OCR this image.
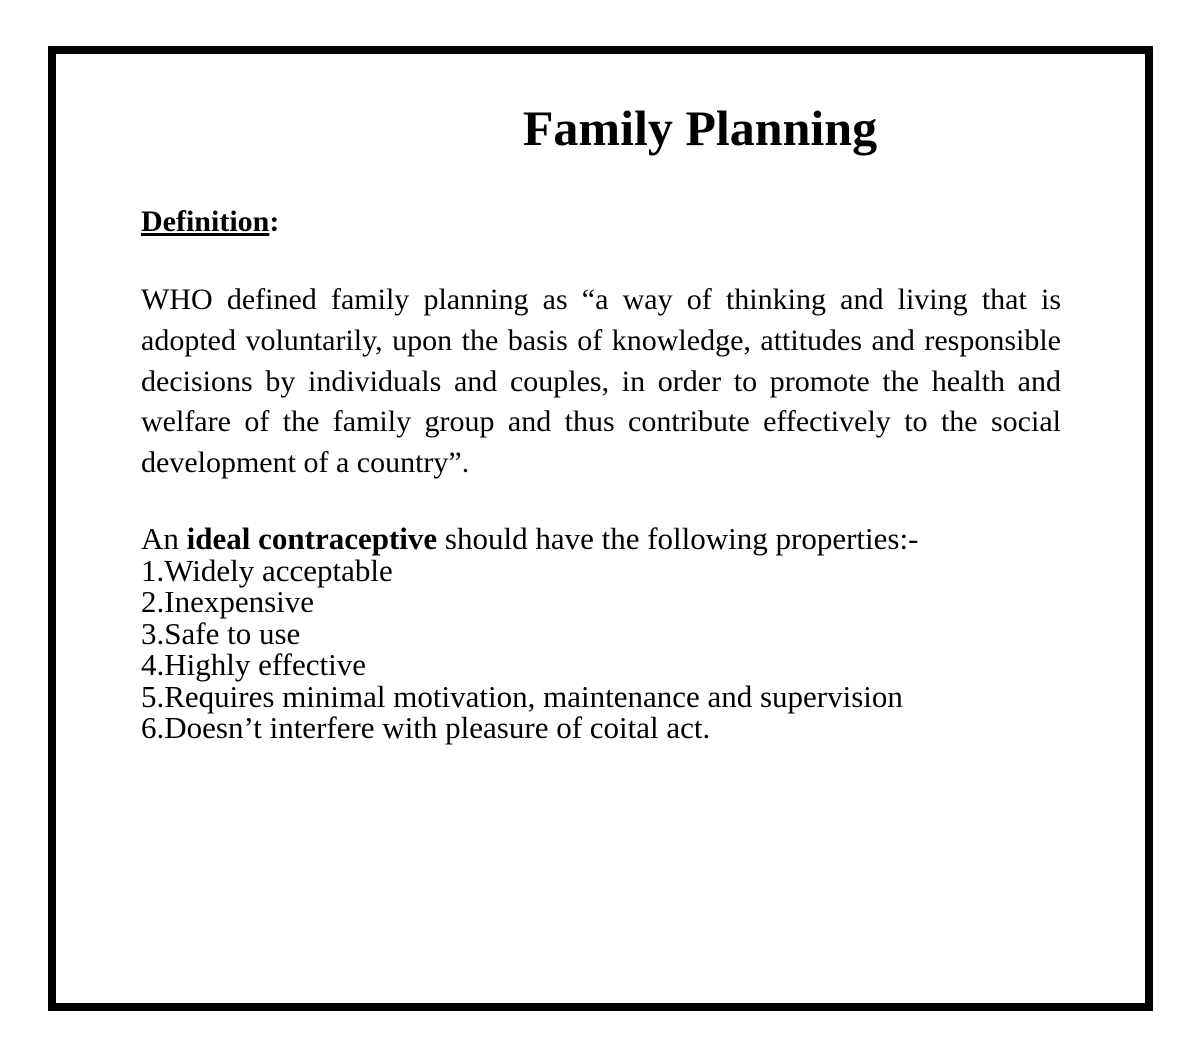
Family Planning
Definition:

WHO defined family planning as “a way of thinking and living that is adopted voluntarily, upon the basis of knowledge, attitudes and responsible decisions by individuals and couples, in order to promote the health and welfare of the family group and thus contribute effectively to the social development of a country”.

An ideal contraceptive should have the following properties:-
1.Widely acceptable
2.Inexpensive
3.Safe to use
4.Highly effective
5.Requires minimal motivation, maintenance and supervision
6.Doesn’t interfere with pleasure of coital act.
